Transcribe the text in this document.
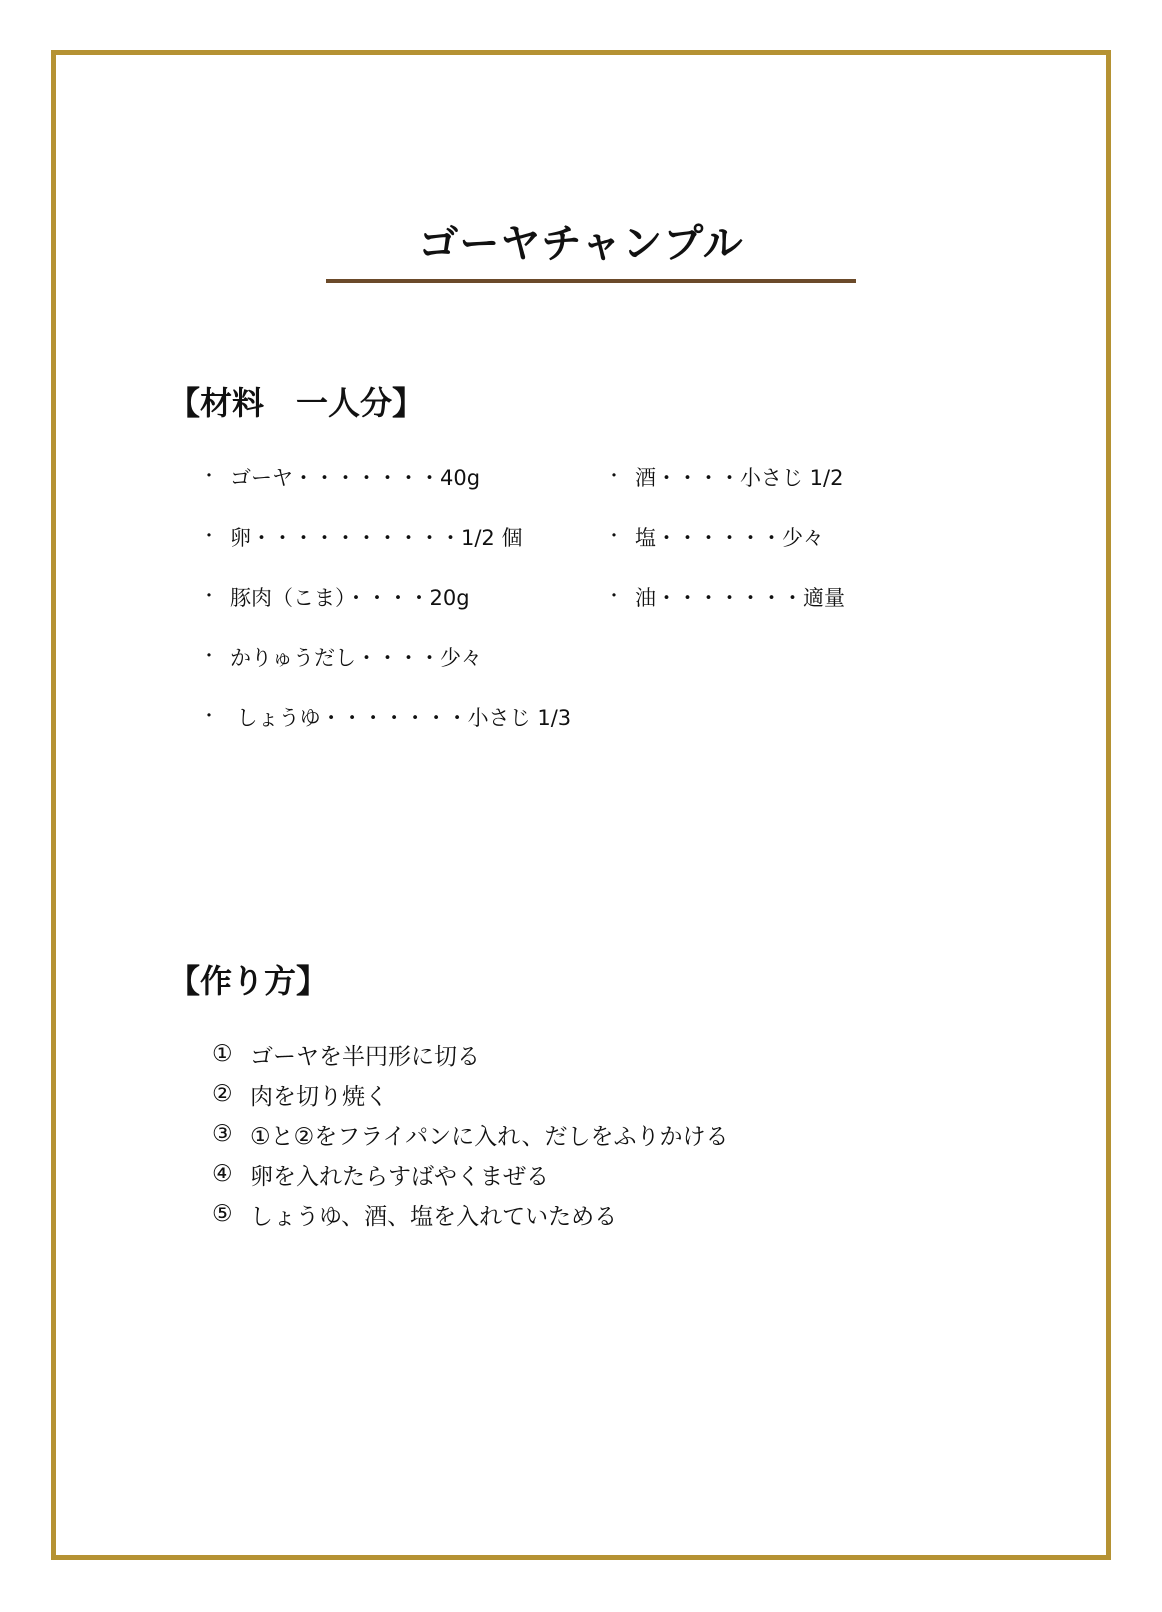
ゴーヤチャンプル
【材料　一人分】
・ ゴーヤ・・・・・・・40g
・ 卵・・・・・・・・・・1/2 個
・ 豚肉（こま）・・・・20g
・ かりゅうだし・・・・少々
・ しょうゆ・・・・・・・小さじ 1/3
・ 酒・・・・小さじ 1/2
・ 塩・・・・・・少々
・ 油・・・・・・・適量
【作り方】
① ゴーヤを半円形に切る
② 肉を切り焼く
③ ①と②をフライパンに入れ、だしをふりかける
④ 卵を入れたらすばやくまぜる
⑤ しょうゆ、酒、塩を入れていためる
